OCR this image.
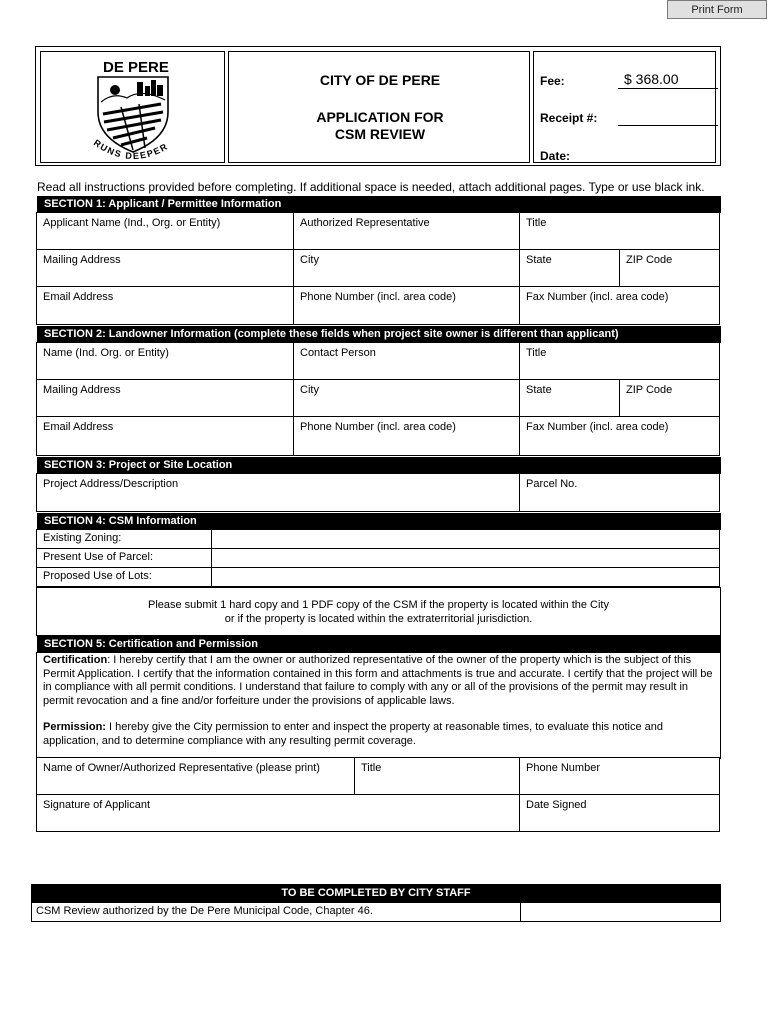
Print Form
DE PERE
RUNS DEEPER
CITY OF DE PERE
APPLICATION FOR
CSM REVIEW
Fee:	$ 368.00
Receipt #:
Date:
Read all instructions provided before completing. If additional space is needed, attach additional pages. Type or use black ink.
SECTION 1: Applicant / Permittee Information
Applicant Name (Ind., Org. or Entity)	Authorized Representative	Title
Mailing Address	City	State	ZIP Code
Email Address	Phone Number (incl. area code)	Fax Number (incl. area code)
SECTION 2: Landowner Information (complete these fields when project site owner is different than applicant)
Name (Ind. Org. or Entity)	Contact Person	Title
Mailing Address	City	State	ZIP Code
Email Address	Phone Number (incl. area code)	Fax Number (incl. area code)
SECTION 3: Project or Site Location
Project Address/Description	Parcel No.
SECTION 4: CSM Information
Existing Zoning:
Present Use of Parcel:
Proposed Use of Lots:
Please submit 1 hard copy and 1 PDF copy of the CSM if the property is located within the City
or if the property is located within the extraterritorial jurisdiction.
SECTION 5: Certification and Permission
Certification: I hereby certify that I am the owner or authorized representative of the owner of the property which is the subject of this Permit Application. I certify that the information contained in this form and attachments is true and accurate. I certify that the project will be in compliance with all permit conditions. I understand that failure to comply with any or all of the provisions of the permit may result in permit revocation and a fine and/or forfeiture under the provisions of applicable laws.
Permission: I hereby give the City permission to enter and inspect the property at reasonable times, to evaluate this notice and application, and to determine compliance with any resulting permit coverage.
Name of Owner/Authorized Representative (please print)	Title	Phone Number
Signature of Applicant	Date Signed
TO BE COMPLETED BY CITY STAFF
CSM Review authorized by the De Pere Municipal Code, Chapter 46.
